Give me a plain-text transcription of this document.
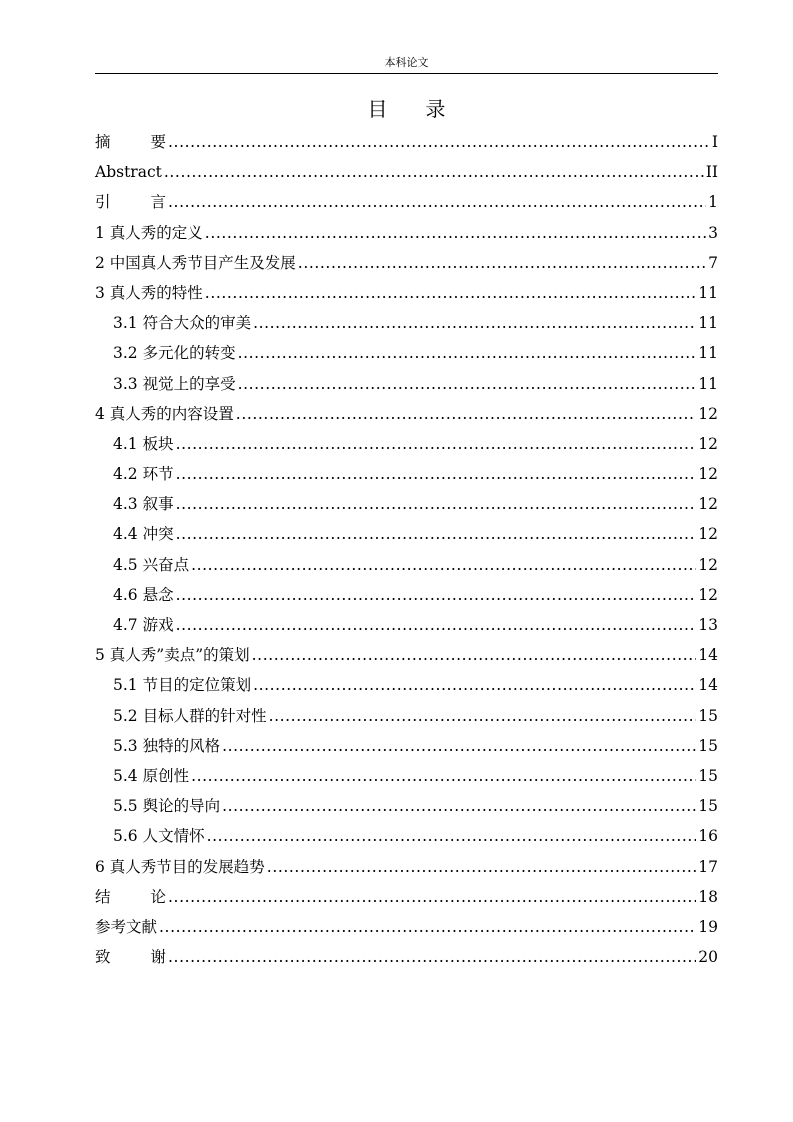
本科论文
目录
摘要 .....	I
Abstract .....	II
引言 .....	1
1 真人秀的定义 .....	3
2 中国真人秀节目产生及发展 .....	7
3 真人秀的特性 .....	11
3.1 符合大众的审美 .....	11
3.2 多元化的转变 .....	11
3.3 视觉上的享受 .....	11
4 真人秀的内容设置 .....	12
4.1 板块 .....	12
4.2 环节 .....	12
4.3 叙事 .....	12
4.4 冲突 .....	12
4.5 兴奋点 .....	12
4.6 悬念 .....	12
4.7 游戏 .....	13
5 真人秀”卖点”的策划 .....	14
5.1 节目的定位策划 .....	14
5.2 目标人群的针对性 .....	15
5.3 独特的风格 .....	15
5.4 原创性 .....	15
5.5 舆论的导向 .....	15
5.6 人文情怀 .....	16
6 真人秀节目的发展趋势 .....	17
结论 .....	18
参考文献 .....	19
致谢 .....	20
